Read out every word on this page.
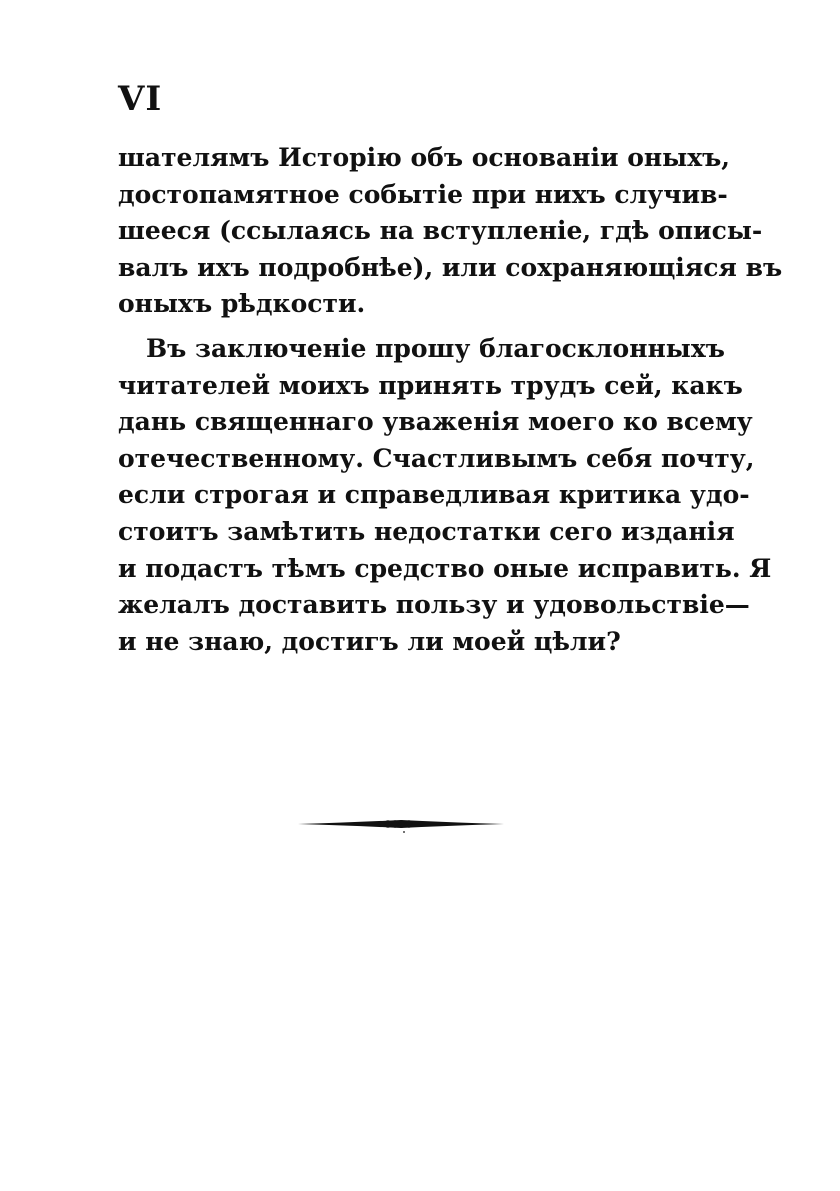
VI
шателямъ Исторію объ основаніи оныхъ,
достопамятное событіе при нихъ случив-
шееся (ссылаясь на вступленіе, гдѣ описы-
валъ ихъ подробнѣе), или сохраняющіяся въ
оныхъ рѣдкости.
Въ заключеніе прошу благосклонныхъ
читателей моихъ принять трудъ сей, какъ
дань священнаго уваженія моего ко всему
отечественному. Счастливымъ себя почту,
если строгая и справедливая критика удо-
стоитъ замѣтить недостатки сего изданія
и подастъ тѣмъ средство оные исправить. Я
желалъ доставить пользу и удовольствіе—
и не знаю, достигъ ли моей цѣли?
